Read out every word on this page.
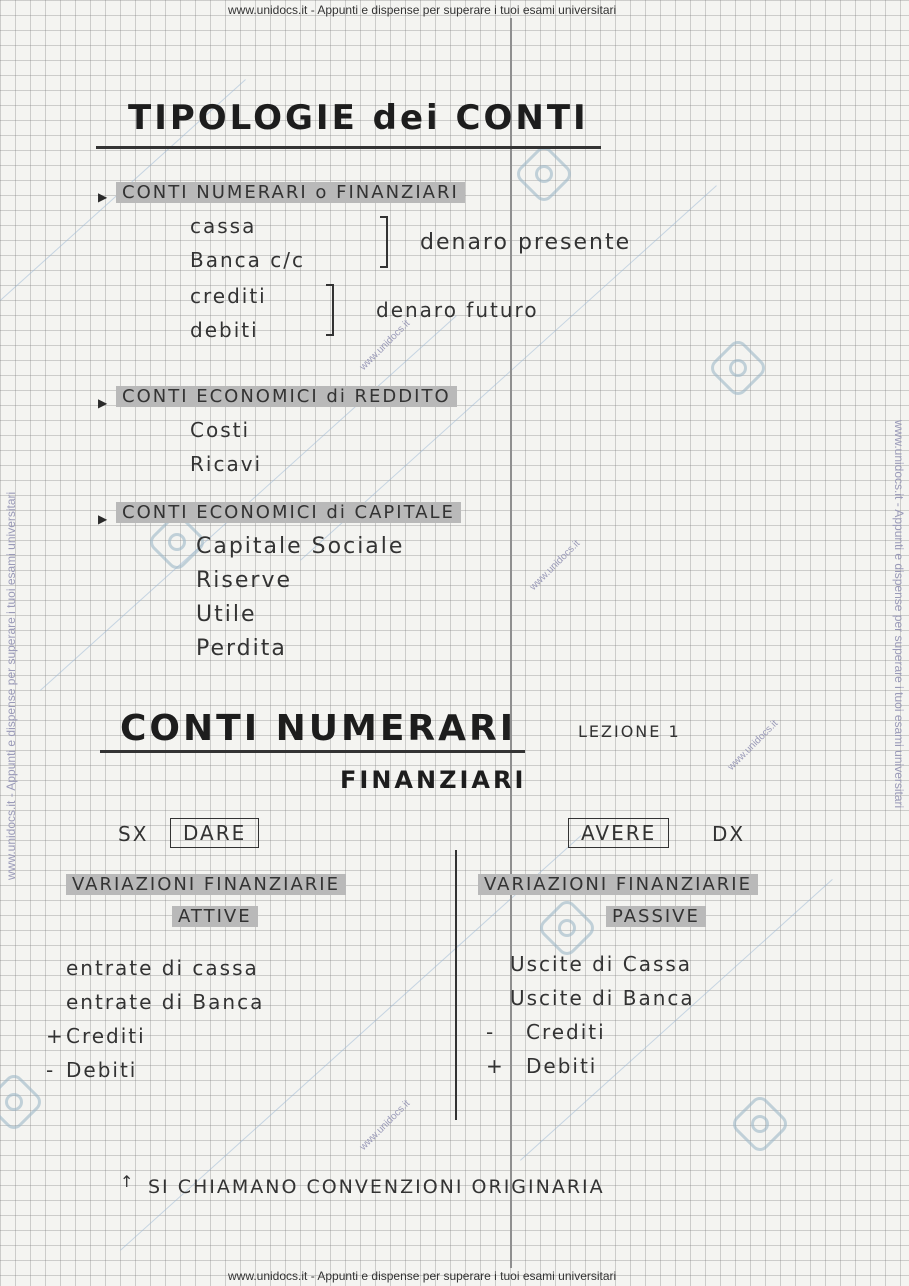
www.unidocs.it - Appunti e dispense per superare i tuoi esami universitari
www.unidocs.it - Appunti e dispense per superare i tuoi esami universitari
www.unidocs.it - Appunti e dispense per superare i tuoi esami universitari	www.unidocs.it - Appunti e dispense per superare i tuoi esami universitari
www.unidocs.it
www.unidocs.it
www.unidocs.it
www.unidocs.it
TIPOLOGIE dei CONTI
▶ CONTI NUMERARI o FINANZIARI
cassa
Banca c/c
crediti
debiti
denaro presente
denaro futuro
▶ CONTI ECONOMICI di REDDITO
Costi
Ricavi
▶ CONTI ECONOMICI di CAPITALE
Capitale Sociale
Riserve
Utile
Perdita
CONTI NUMERARI	LEZIONE 1
FINANZIARI
SX	DARE	AVERE	DX
VARIAZIONI FINANZIARIE
ATTIVE
VARIAZIONI FINANZIARIE
PASSIVE
entrate di cassa
entrate di Banca
+ Crediti
- Debiti
Uscite di Cassa
Uscite di Banca
- Crediti
+ Debiti
↑ SI CHIAMANO CONVENZIONI ORIGINARIA
